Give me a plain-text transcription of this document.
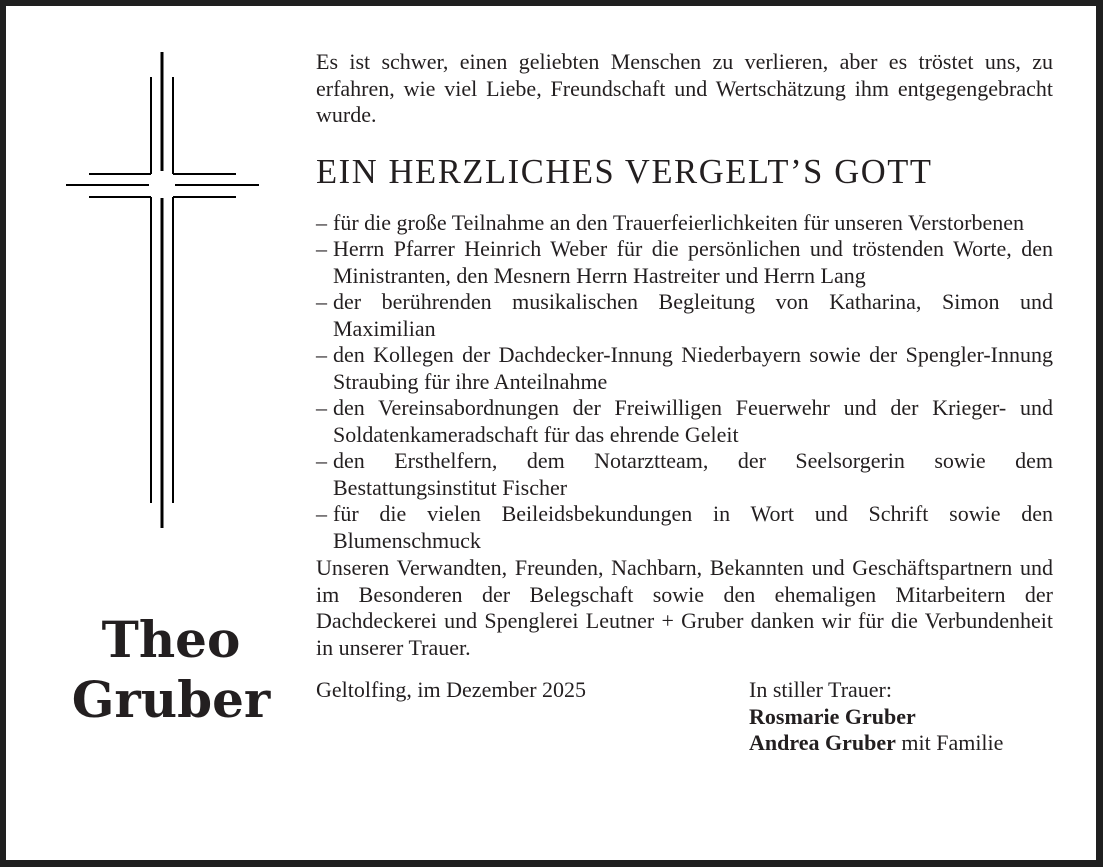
Theo
Gruber

Es ist schwer, einen geliebten Menschen zu verlieren, aber es tröstet uns, zu erfahren, wie viel Liebe, Freundschaft und Wertschätzung ihm entgegengebracht wurde.

EIN HERZLICHES VERGELT’S GOTT
– für die große Teilnahme an den Trauerfeierlichkeiten für unseren Verstorbenen
– Herrn Pfarrer Heinrich Weber für die persönlichen und tröstenden Worte, den Ministranten, den Mesnern Herrn Hastreiter und Herrn Lang
– der berührenden musikalischen Begleitung von Katharina, Simon und Maximilian
– den Kollegen der Dachdecker-Innung Niederbayern sowie der Spengler-Innung Straubing für ihre Anteilnahme
– den Vereinsabordnungen der Freiwilligen Feuerwehr und der Krieger- und Soldatenkameradschaft für das ehrende Geleit
– den Ersthelfern, dem Notarztteam, der Seelsorgerin sowie dem Bestattungsinstitut Fischer
– für die vielen Beileidsbekundungen in Wort und Schrift sowie den Blumenschmuck

Unseren Verwandten, Freunden, Nachbarn, Bekannten und Geschäftspartnern und im Besonderen der Belegschaft sowie den ehemaligen Mitarbeitern der Dachdeckerei und Spenglerei Leutner + Gruber danken wir für die Verbundenheit in unserer Trauer.

Geltolfing, im Dezember 2025	In stiller Trauer:
Rosmarie Gruber
Andrea Gruber mit Familie
